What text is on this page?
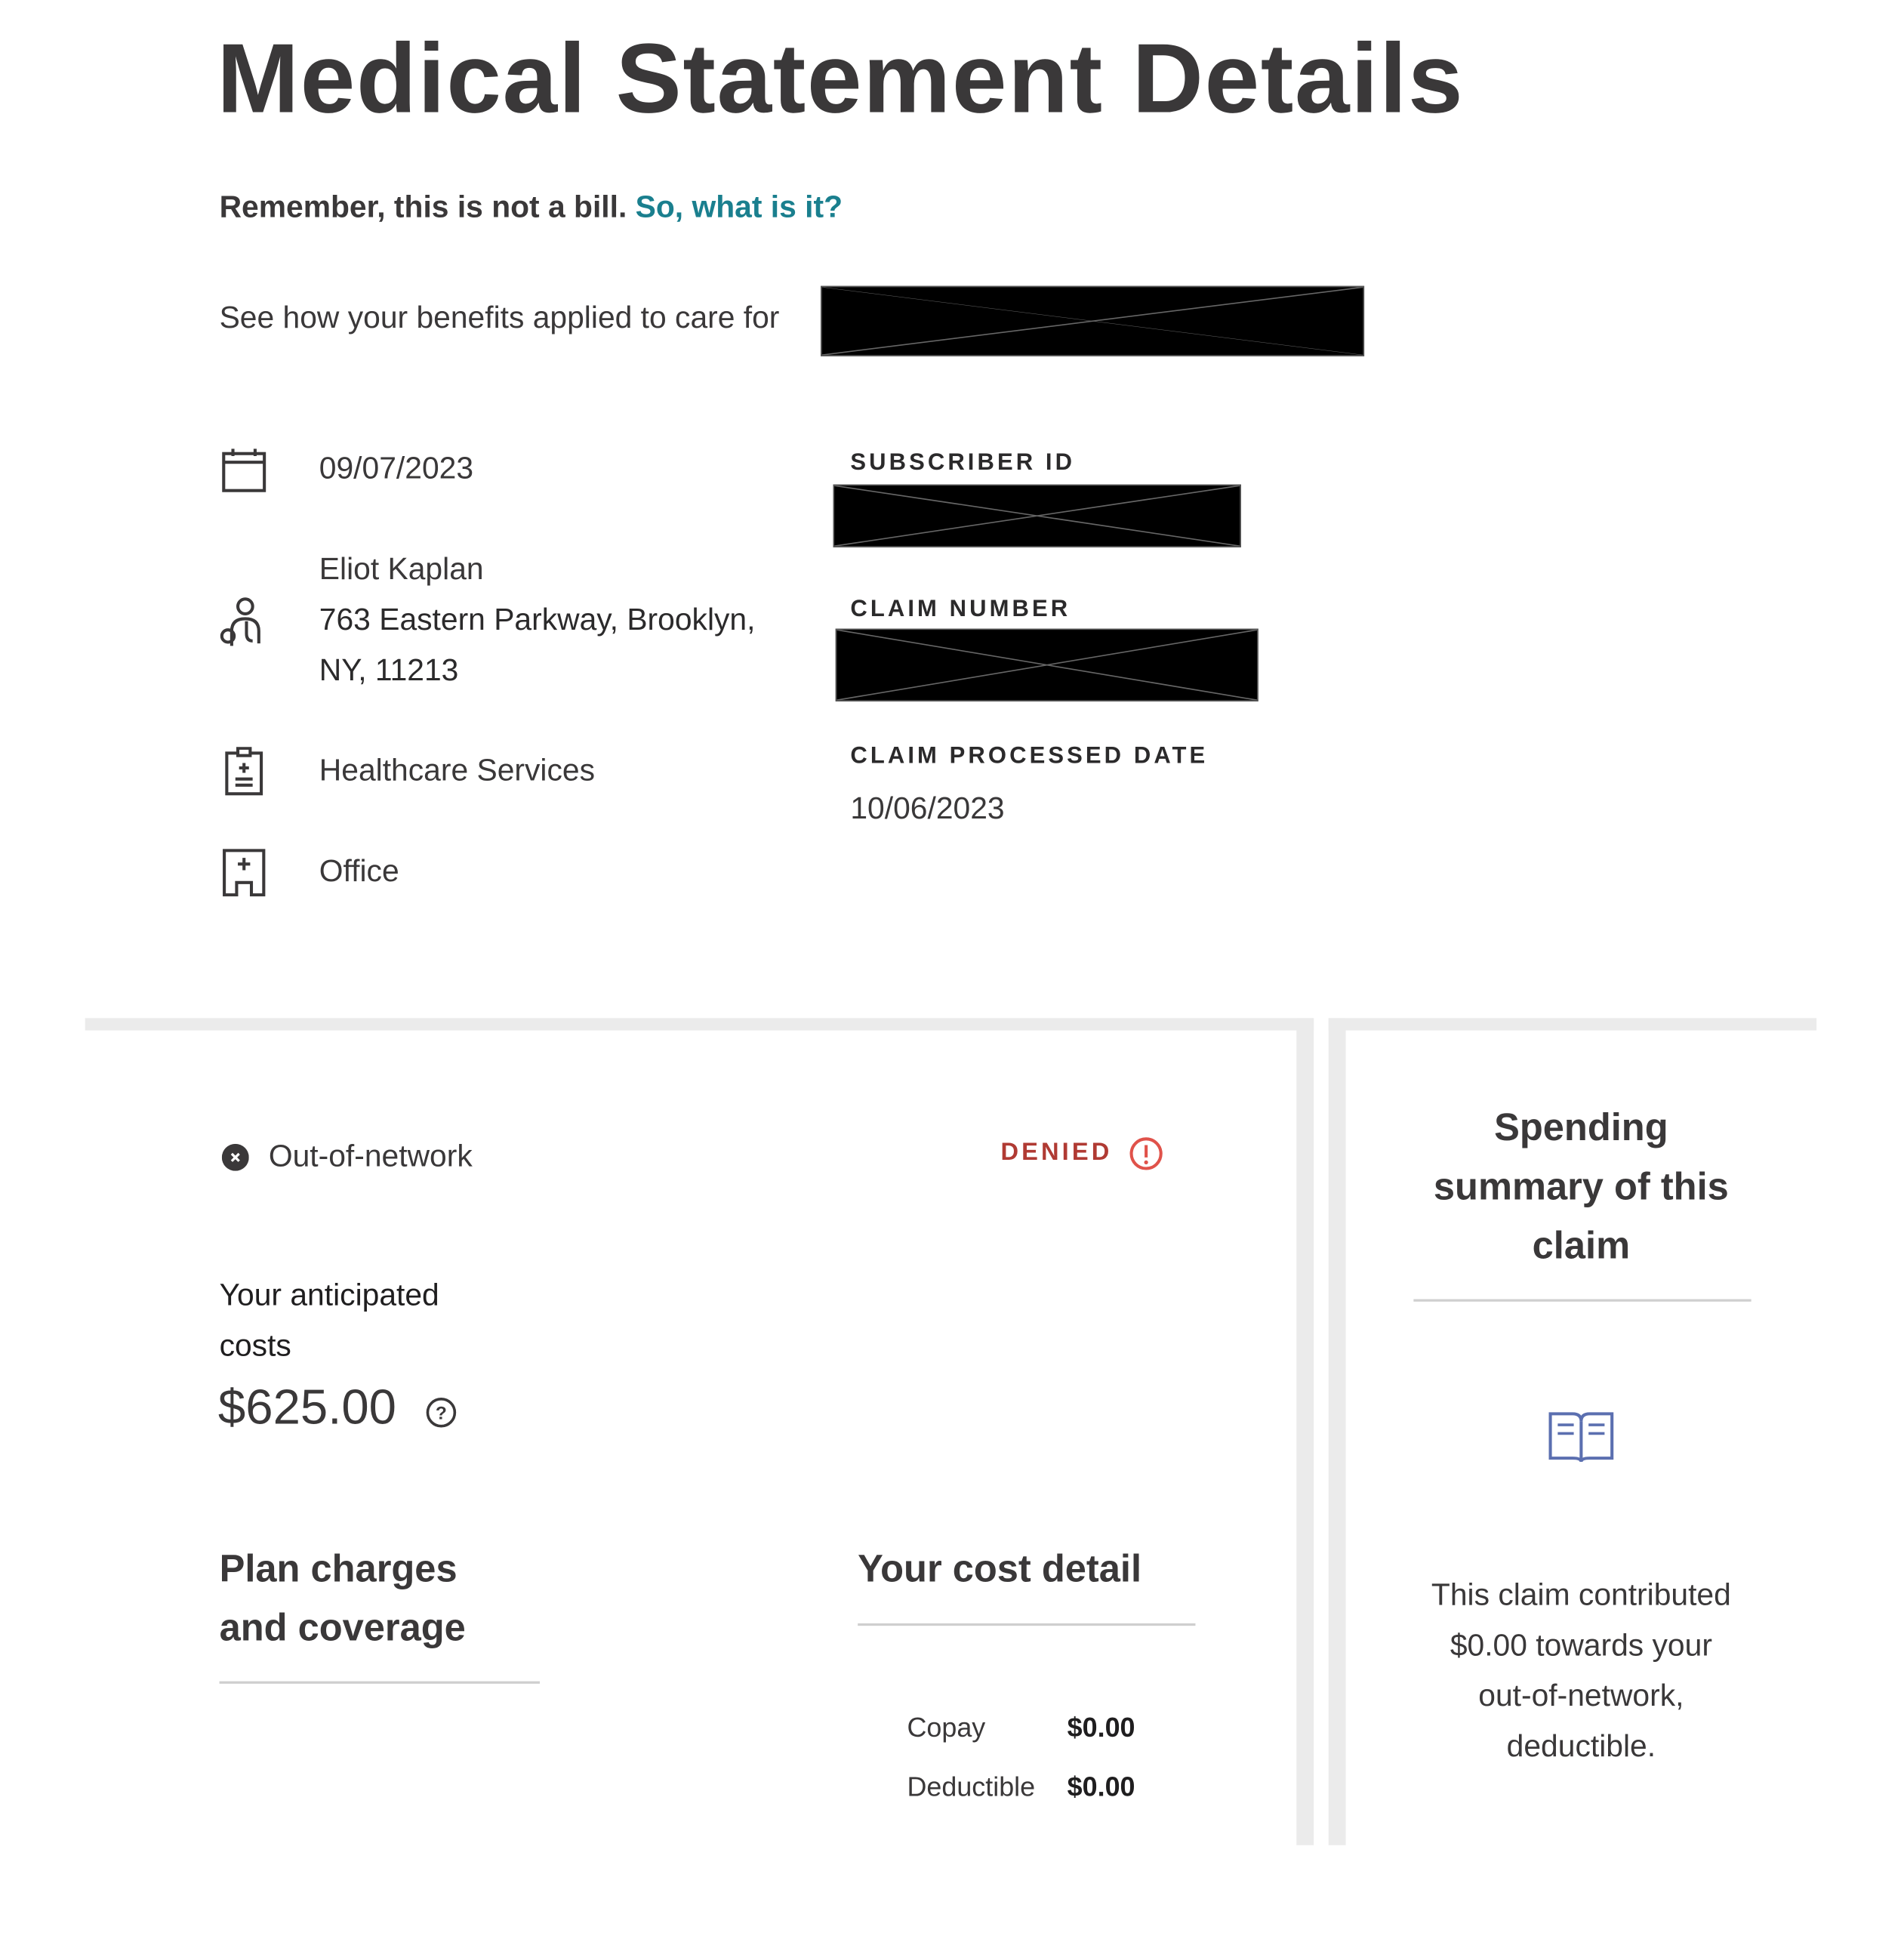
Medical Statement Details
Remember, this is not a bill. So, what is it?
See how your benefits applied to care for
09/07/2023
Eliot Kaplan
763 Eastern Parkway, Brooklyn,
NY, 11213
Healthcare Services
Office
SUBSCRIBER ID
CLAIM NUMBER
CLAIM PROCESSED DATE
10/06/2023
Out-of-network	DENIED
Your anticipated
costs
$625.00	?
Plan charges
and coverage
Your cost detail
Copay	$0.00
Deductible $0.00
Spending
summary of this
claim
This claim contributed
$0.00 towards your
out-of-network,
deductible.
